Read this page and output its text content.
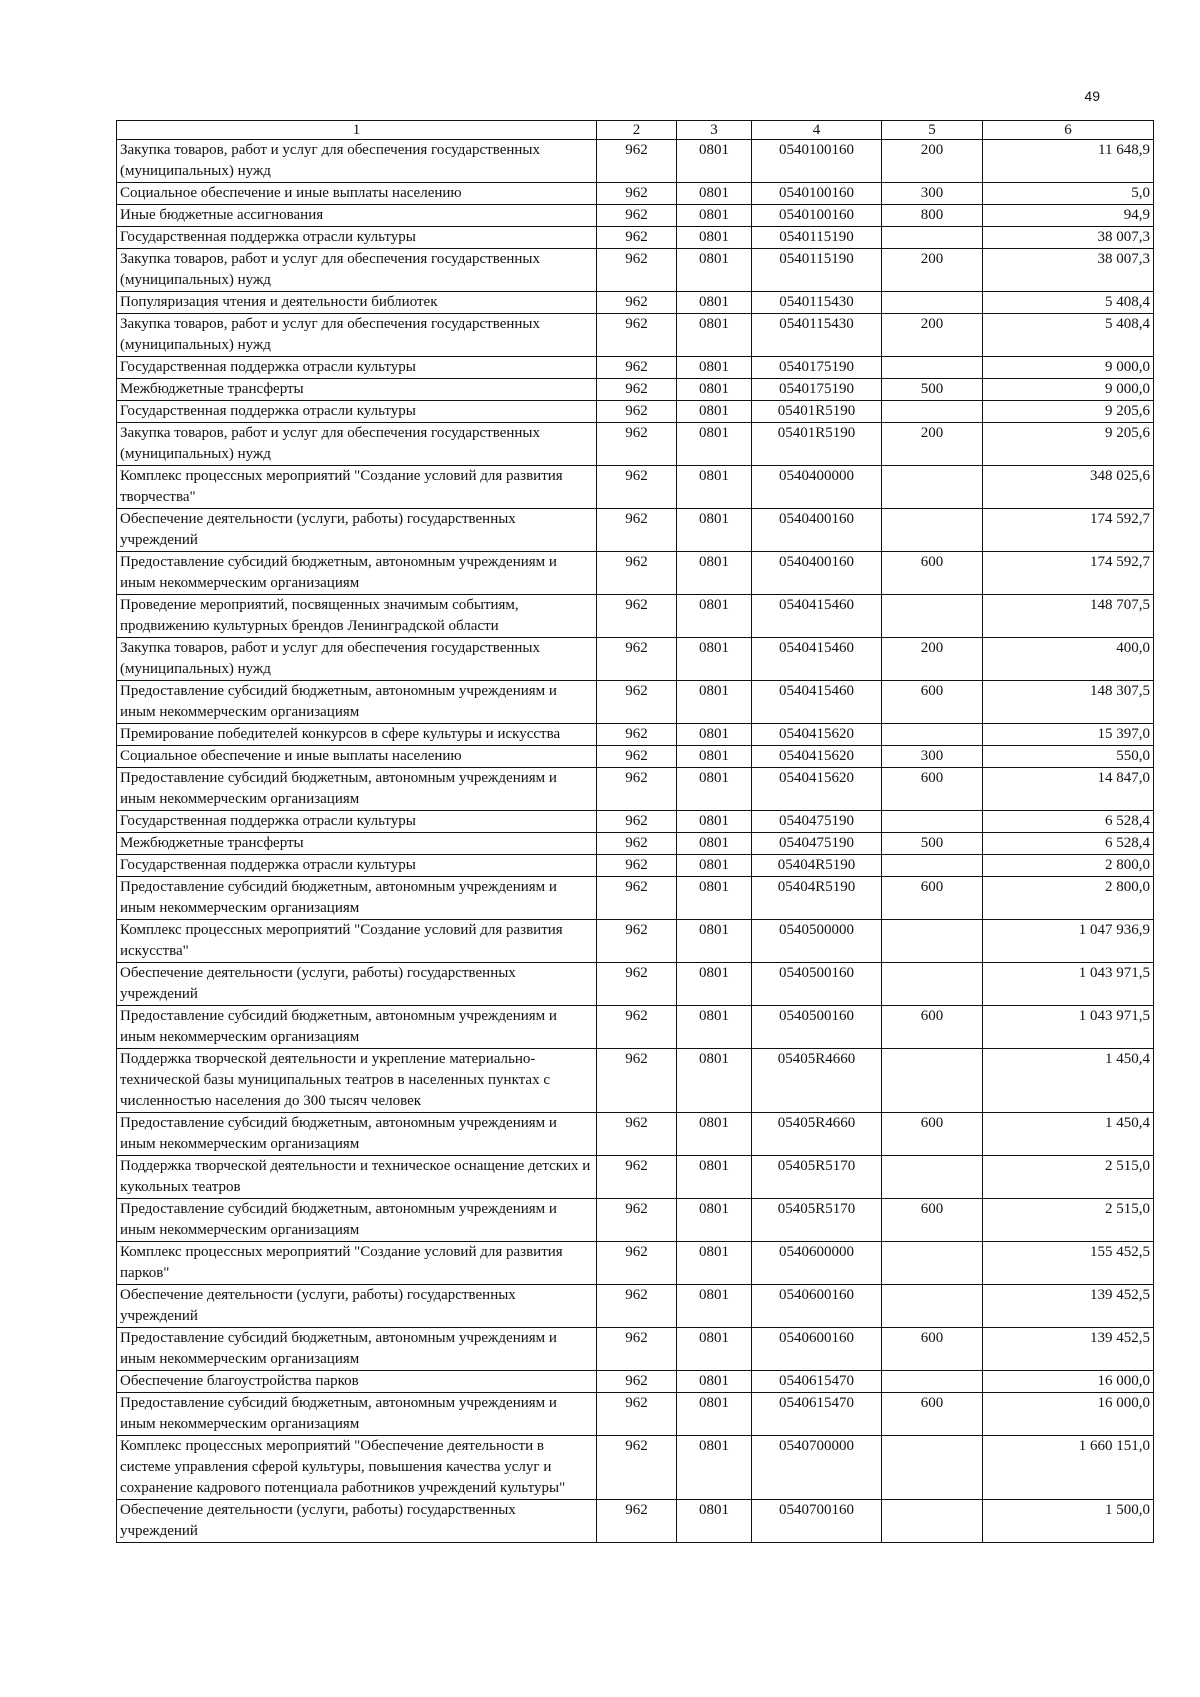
49
1	2	3	4	5	6
Закупка товаров, работ и услуг для обеспечения государственных (муниципальных) нужд	962	0801	0540100160	200	11 648,9
Социальное обеспечение и иные выплаты населению	962	0801	0540100160	300	5,0
Иные бюджетные ассигнования	962	0801	0540100160	800	94,9
Государственная поддержка отрасли культуры	962	0801	0540115190		38 007,3
Закупка товаров, работ и услуг для обеспечения государственных (муниципальных) нужд	962	0801	0540115190	200	38 007,3
Популяризация чтения и деятельности библиотек	962	0801	0540115430		5 408,4
Закупка товаров, работ и услуг для обеспечения государственных (муниципальных) нужд	962	0801	0540115430	200	5 408,4
Государственная поддержка отрасли культуры	962	0801	0540175190		9 000,0
Межбюджетные трансферты	962	0801	0540175190	500	9 000,0
Государственная поддержка отрасли культуры	962	0801	05401R5190		9 205,6
Закупка товаров, работ и услуг для обеспечения государственных (муниципальных) нужд	962	0801	05401R5190	200	9 205,6
Комплекс процессных мероприятий "Создание условий для развития творчества"	962	0801	0540400000		348 025,6
Обеспечение деятельности (услуги, работы) государственных учреждений	962	0801	0540400160		174 592,7
Предоставление субсидий бюджетным, автономным учреждениям и иным некоммерческим организациям	962	0801	0540400160	600	174 592,7
Проведение мероприятий, посвященных значимым событиям, продвижению культурных брендов Ленинградской области	962	0801	0540415460		148 707,5
Закупка товаров, работ и услуг для обеспечения государственных (муниципальных) нужд	962	0801	0540415460	200	400,0
Предоставление субсидий бюджетным, автономным учреждениям и иным некоммерческим организациям	962	0801	0540415460	600	148 307,5
Премирование победителей конкурсов в сфере культуры и искусства	962	0801	0540415620		15 397,0
Социальное обеспечение и иные выплаты населению	962	0801	0540415620	300	550,0
Предоставление субсидий бюджетным, автономным учреждениям и иным некоммерческим организациям	962	0801	0540415620	600	14 847,0
Государственная поддержка отрасли культуры	962	0801	0540475190		6 528,4
Межбюджетные трансферты	962	0801	0540475190	500	6 528,4
Государственная поддержка отрасли культуры	962	0801	05404R5190		2 800,0
Предоставление субсидий бюджетным, автономным учреждениям и иным некоммерческим организациям	962	0801	05404R5190	600	2 800,0
Комплекс процессных мероприятий "Создание условий для развития искусства"	962	0801	0540500000		1 047 936,9
Обеспечение деятельности (услуги, работы) государственных учреждений	962	0801	0540500160		1 043 971,5
Предоставление субсидий бюджетным, автономным учреждениям и иным некоммерческим организациям	962	0801	0540500160	600	1 043 971,5
Поддержка творческой деятельности и укрепление материально-технической базы муниципальных театров в населенных пунктах с численностью населения до 300 тысяч человек	962	0801	05405R4660		1 450,4
Предоставление субсидий бюджетным, автономным учреждениям и иным некоммерческим организациям	962	0801	05405R4660	600	1 450,4
Поддержка творческой деятельности и техническое оснащение детских и кукольных театров	962	0801	05405R5170		2 515,0
Предоставление субсидий бюджетным, автономным учреждениям и иным некоммерческим организациям	962	0801	05405R5170	600	2 515,0
Комплекс процессных мероприятий "Создание условий для развития парков"	962	0801	0540600000		155 452,5
Обеспечение деятельности (услуги, работы) государственных учреждений	962	0801	0540600160		139 452,5
Предоставление субсидий бюджетным, автономным учреждениям и иным некоммерческим организациям	962	0801	0540600160	600	139 452,5
Обеспечение благоустройства парков	962	0801	0540615470		16 000,0
Предоставление субсидий бюджетным, автономным учреждениям и иным некоммерческим организациям	962	0801	0540615470	600	16 000,0
Комплекс процессных мероприятий "Обеспечение деятельности в системе управления сферой культуры, повышения качества услуг и сохранение кадрового потенциала работников учреждений культуры"	962	0801	0540700000		1 660 151,0
Обеспечение деятельности (услуги, работы) государственных учреждений	962	0801	0540700160		1 500,0
